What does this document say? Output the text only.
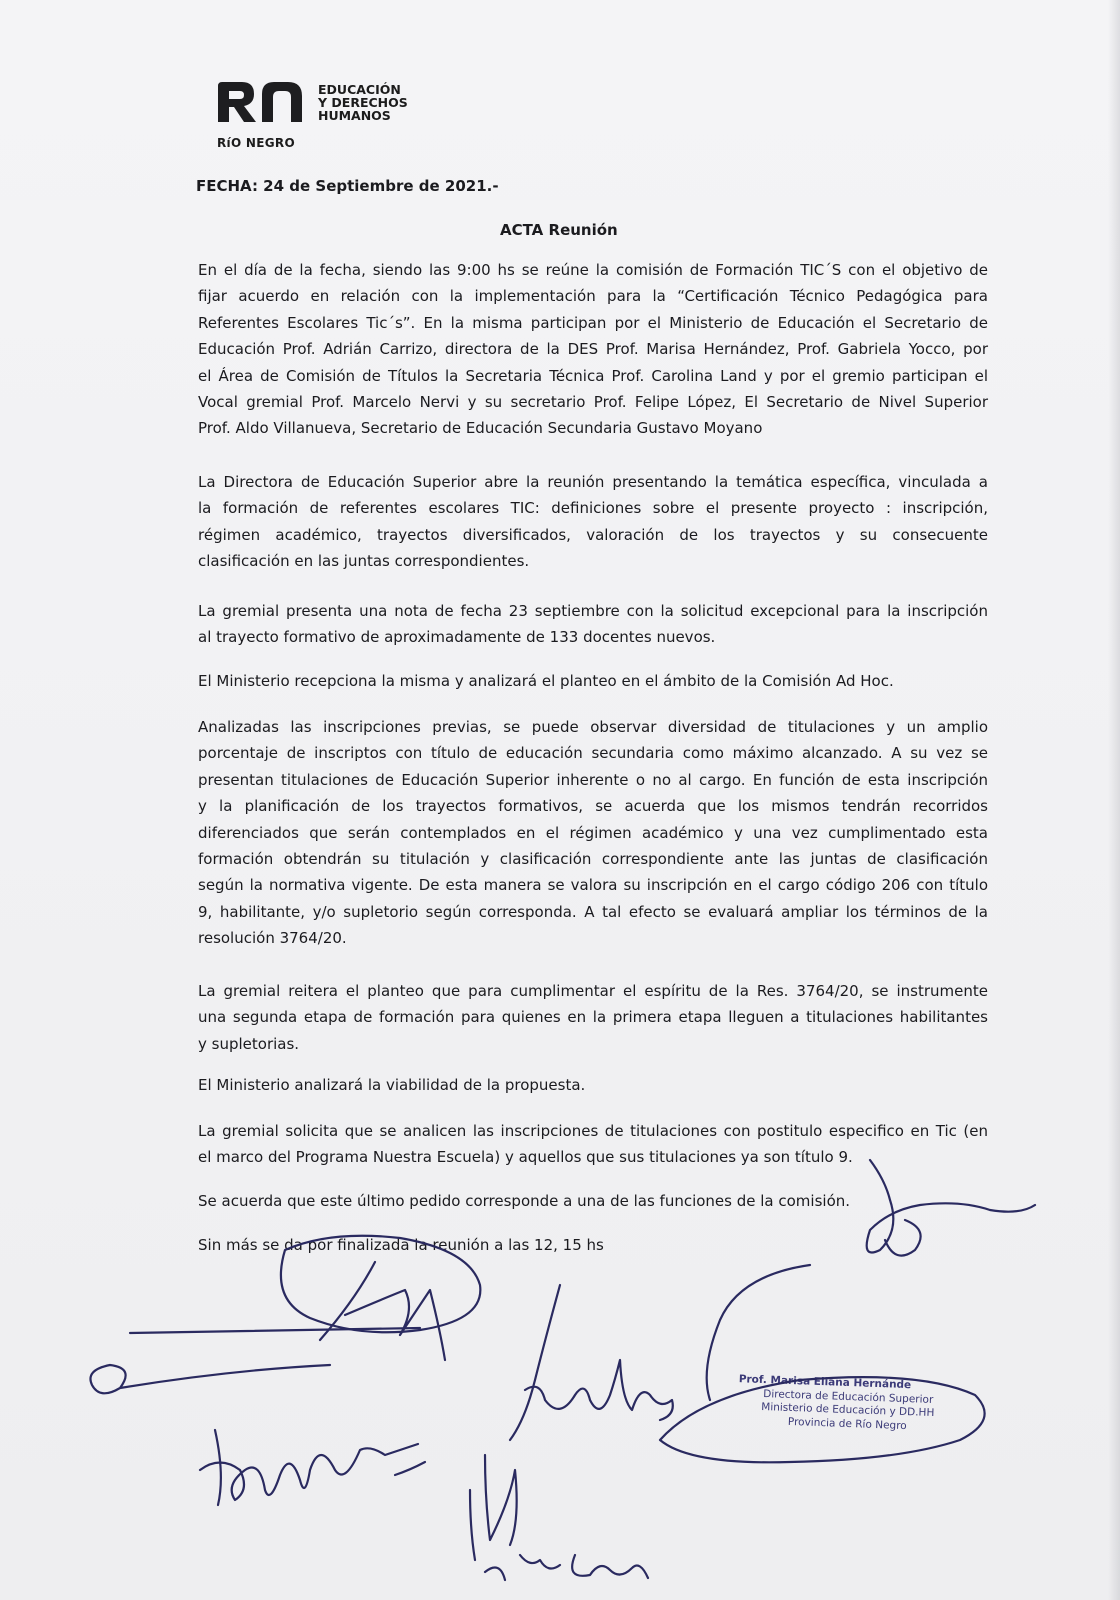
RíO NEGRO
EDUCACIÓN
Y DERECHOS
HUMANOS
FECHA: 24 de Septiembre de 2021.-
ACTA Reunión
En el día de la fecha, siendo las 9:00 hs se reúne la comisión de Formación TIC´S con el objetivo de
fijar acuerdo en relación con la implementación para la “Certificación Técnico Pedagógica para
Referentes Escolares Tic´s”. En la misma participan por el Ministerio de Educación el Secretario de
Educación Prof. Adrián Carrizo, directora de la DES Prof. Marisa Hernández, Prof. Gabriela Yocco, por
el Área de Comisión de Títulos la Secretaria Técnica Prof. Carolina Land y por el gremio participan el
Vocal gremial Prof. Marcelo Nervi y su secretario Prof. Felipe López, El Secretario de Nivel Superior
Prof. Aldo Villanueva, Secretario de Educación Secundaria Gustavo Moyano
La Directora de Educación Superior abre la reunión presentando la temática específica, vinculada a
la formación de referentes escolares TIC: definiciones sobre el presente proyecto : inscripción,
régimen académico, trayectos diversificados, valoración de los trayectos y su consecuente
clasificación en las juntas correspondientes.
La gremial presenta una nota de fecha 23 septiembre con la solicitud excepcional para la inscripción
al trayecto formativo de aproximadamente de 133 docentes nuevos.
El Ministerio recepciona la misma y analizará el planteo en el ámbito de la Comisión Ad Hoc.
Analizadas las inscripciones previas, se puede observar diversidad de titulaciones y un amplio
porcentaje de inscriptos con título de educación secundaria como máximo alcanzado. A su vez se
presentan titulaciones de Educación Superior inherente o no al cargo. En función de esta inscripción
y la planificación de los trayectos formativos, se acuerda que los mismos tendrán recorridos
diferenciados que serán contemplados en el régimen académico y una vez cumplimentado esta
formación obtendrán su titulación y clasificación correspondiente ante las juntas de clasificación
según la normativa vigente. De esta manera se valora su inscripción en el cargo código 206 con título
9, habilitante, y/o supletorio según corresponda. A tal efecto se evaluará ampliar los términos de la
resolución 3764/20.
La gremial reitera el planteo que para cumplimentar el espíritu de la Res. 3764/20, se instrumente
una segunda etapa de formación para quienes en la primera etapa lleguen a titulaciones habilitantes
y supletorias.
El Ministerio analizará la viabilidad de la propuesta.
La gremial solicita que se analicen las inscripciones de titulaciones con postitulo especifico en Tic (en
el marco del Programa Nuestra Escuela) y aquellos que sus titulaciones ya son título 9.
Se acuerda que este último pedido corresponde a una de las funciones de la comisión.
Sin más se da por finalizada la reunión a las 12, 15 hs
Prof. Marisa Eliana Hernánde
Directora de Educación Superior
Ministerio de Educación y DD.HH
Provincia de Río Negro
